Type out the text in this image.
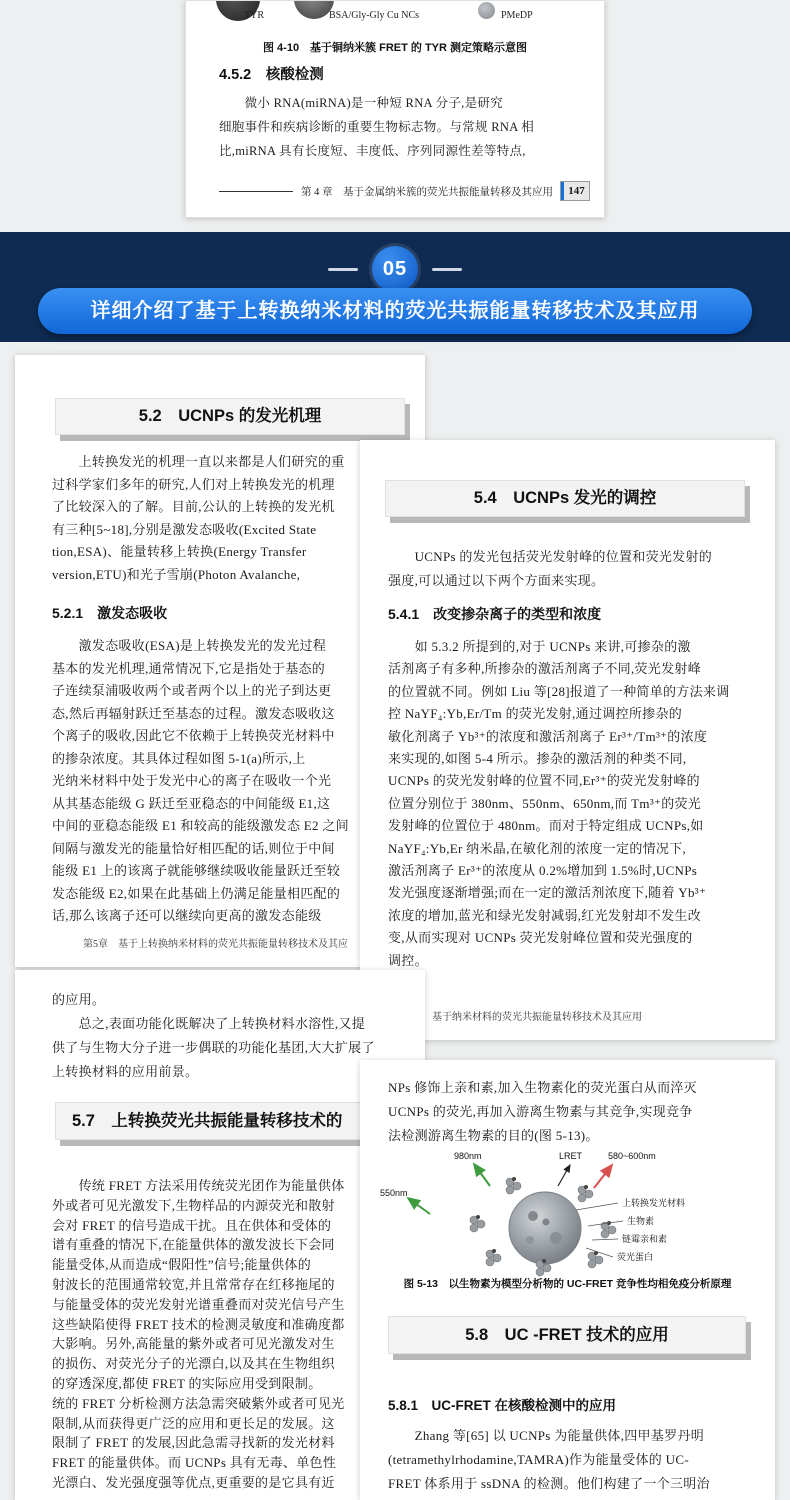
TYR	BSA/Gly-Gly Cu NCs	PMeDP
图 4-10　基于铜纳米簇 FRET 的 TYR 测定策略示意图
4.5.2　核酸检测
　　微小 RNA(miRNA)是一种短 RNA 分子,是研究
细胞事件和疾病诊断的重要生物标志物。与常规 RNA 相
比,miRNA 具有长度短、丰度低、序列同源性差等特点,
第 4 章　基于金属纳米簇的荧光共振能量转移及其应用	147
05
详细介绍了基于上转换纳米材料的荧光共振能量转移技术及其应用
5.2　UCNPs 的发光机理
　　上转换发光的机理一直以来都是人们研究的重
过科学家们多年的研究,人们对上转换发光的机理
了比较深入的了解。目前,公认的上转换的发光机
有三种[5~18],分别是激发态吸收(Excited State
tion,ESA)、能量转移上转换(Energy Transfer
version,ETU)和光子雪崩(Photon Avalanche,
5.2.1　激发态吸收
　　激发态吸收(ESA)是上转换发光的发光过程
基本的发光机理,通常情况下,它是指处于基态的
子连续泵浦吸收两个或者两个以上的光子到达更
态,然后再辐射跃迁至基态的过程。激发态吸收这
个离子的吸收,因此它不依赖于上转换荧光材料中
的掺杂浓度。其具体过程如图 5-1(a)所示,上
光纳米材料中处于发光中心的离子在吸收一个光
从其基态能级 G 跃迁至亚稳态的中间能级 E1,这
中间的亚稳态能级 E1 和较高的能级激发态 E2 之间
间隔与激发光的能量恰好相匹配的话,则位于中间
能级 E1 上的该离子就能够继续吸收能量跃迁至较
发态能级 E2,如果在此基础上仍满足能量相匹配的
话,那么该离子还可以继续向更高的激发态能级
第5章　基于上转换纳米材料的荧光共振能量转移技术及其应
5.4　UCNPs 发光的调控
　　UCNPs 的发光包括荧光发射峰的位置和荧光发射的
强度,可以通过以下两个方面来实现。
5.4.1　改变掺杂离子的类型和浓度
　　如 5.3.2 所提到的,对于 UCNPs 来讲,可掺杂的激
活剂离子有多种,所掺杂的激活剂离子不同,荧光发射峰
的位置就不同。例如 Liu 等[28]报道了一种简单的方法来调
控 NaYF₄:Yb,Er/Tm 的荧光发射,通过调控所掺杂的
敏化剂离子 Yb³⁺的浓度和激活剂离子 Er³⁺/Tm³⁺的浓度
来实现的,如图 5-4 所示。掺杂的激活剂的种类不同,
UCNPs 的荧光发射峰的位置不同,Er³⁺的荧光发射峰的
位置分别位于 380nm、550nm、650nm,而 Tm³⁺的荧光
发射峰的位置位于 480nm。而对于特定组成 UCNPs,如
NaYF₄:Yb,Er 纳米晶,在敏化剂的浓度一定的情况下,
激活剂离子 Er³⁺的浓度从 0.2%增加到 1.5%时,UCNPs
发光强度逐渐增强;而在一定的激活剂浓度下,随着 Yb³⁺
浓度的增加,蓝光和绿光发射减弱,红光发射却不发生改
变,从而实现对 UCNPs 荧光发射峰位置和荧光强度的
调控。
基于纳米材料的荧光共振能量转移技术及其应用
的应用。
　　总之,表面功能化既解决了上转换材料水溶性,又提
供了与生物大分子进一步偶联的功能化基团,大大扩展了
上转换材料的应用前景。
5.7　上转换荧光共振能量转移技术的
　　传统 FRET 方法采用传统荧光团作为能量供体
外或者可见光激发下,生物样品的内源荧光和散射
会对 FRET 的信号造成干扰。且在供体和受体的
谱有重叠的情况下,在能量供体的激发波长下会同
能量受体,从而造成“假阳性”信号;能量供体的
射波长的范围通常较宽,并且常常存在红移拖尾的
与能量受体的荧光发射光谱重叠而对荧光信号产生
这些缺陷使得 FRET 技术的检测灵敏度和准确度都
大影响。另外,高能量的紫外或者可见光激发对生
的损伤、对荧光分子的光漂白,以及其在生物组织
的穿透深度,都使 FRET 的实际应用受到限制。
统的 FRET 分析检测方法急需突破紫外或者可见光
限制,从而获得更广泛的应用和更长足的发展。这
限制了 FRET 的发展,因此急需寻找新的发光材料
FRET 的能量供体。而 UCNPs 具有无毒、单色性
光漂白、发光强度强等优点,更重要的是它具有近
NPs 修饰上亲和素,加入生物素化的荧光蛋白从而淬灭
UCNPs 的荧光,再加入游离生物素与其竞争,实现竞争
法检测游离生物素的目的(图 5-13)。
980nm	LRET	580~600nm
550nm
上转换发光材料
生物素
链霉亲和素
荧光蛋白
图 5-13　以生物素为模型分析物的 UC-FRET 竞争性均相免疫分析原理
5.8　UC -FRET 技术的应用
5.8.1　UC-FRET 在核酸检测中的应用
　　Zhang 等[65] 以 UCNPs 为能量供体,四甲基罗丹明
(tetramethylrhodamine,TAMRA)作为能量受体的 UC-
FRET 体系用于 ssDNA 的检测。他们构建了一个三明治
